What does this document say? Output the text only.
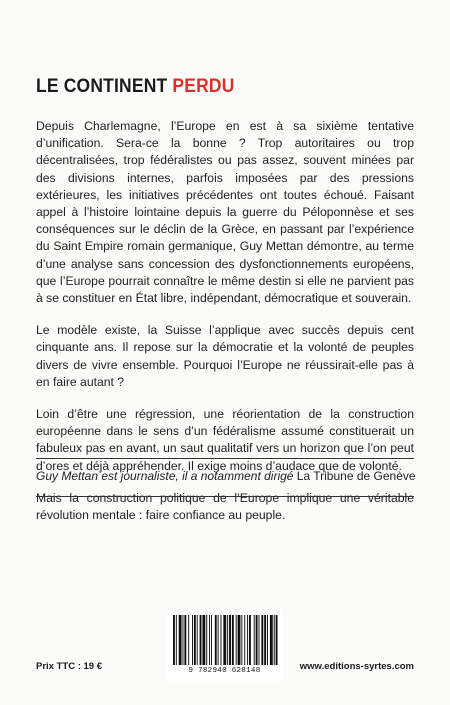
LE CONTINENT PERDU

Depuis Charlemagne, l’Europe en est à sa sixième tentative d’unification. Sera-ce la bonne ? Trop autoritaires ou trop décentralisées, trop fédéralistes ou pas assez, souvent minées par des divisions internes, parfois imposées par des pressions extérieures, les initiatives précédentes ont toutes échoué. Faisant appel à l’histoire lointaine depuis la guerre du Péloponnèse et ses conséquences sur le déclin de la Grèce, en passant par l’expérience du Saint Empire romain germanique, Guy Mettan démontre, au terme d’une analyse sans concession des dysfonctionnements européens, que l’Europe pourrait connaître le même destin si elle ne parvient pas à se constituer en État libre, indépendant, démocratique et souverain.

Le modèle existe, la Suisse l’applique avec succès depuis cent cinquante ans. Il repose sur la démocratie et la volonté de peuples divers de vivre ensemble. Pourquoi l’Europe ne réussirait-elle pas à en faire autant ?

Loin d’être une régression, une réorientation de la construction européenne dans le sens d’un fédéralisme assumé constituerait un fabuleux pas en avant, un saut qualitatif vers un horizon que l’on peut d’ores et déjà appréhender. Il exige moins d’audace que de volonté.

Mais la construction politique de l’Europe implique une véritable révolution mentale : faire confiance au peuple.

Guy Mettan est journaliste, il a notamment dirigé La Tribune de Genève
9 782940 628148
Prix TTC : 19 €	www.editions-syrtes.com
